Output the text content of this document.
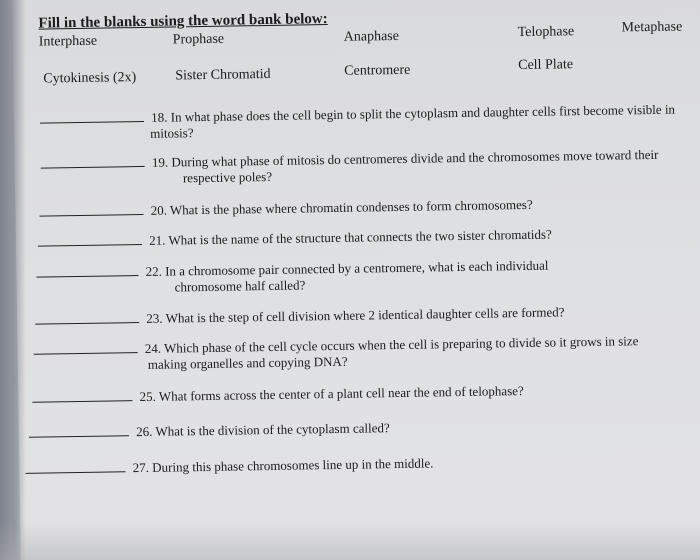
Fill in the blanks using the word bank below:
Interphase	Prophase	Anaphase	Telophase	Metaphase
Cytokinesis (2x)	Sister Chromatid	Centromere	Cell Plate
18. In what phase does the cell begin to split the cytoplasm and daughter cells first become visible in
mitosis?
19. During what phase of mitosis do centromeres divide and the chromosomes move toward their
respective poles?
20. What is the phase where chromatin condenses to form chromosomes?
21. What is the name of the structure that connects the two sister chromatids?
22. In a chromosome pair connected by a centromere, what is each individual
chromosome half called?
23. What is the step of cell division where 2 identical daughter cells are formed?
24. Which phase of the cell cycle occurs when the cell is preparing to divide so it grows in size
making organelles and copying DNA?
25. What forms across the center of a plant cell near the end of telophase?
26. What is the division of the cytoplasm called?
27. During this phase chromosomes line up in the middle.
